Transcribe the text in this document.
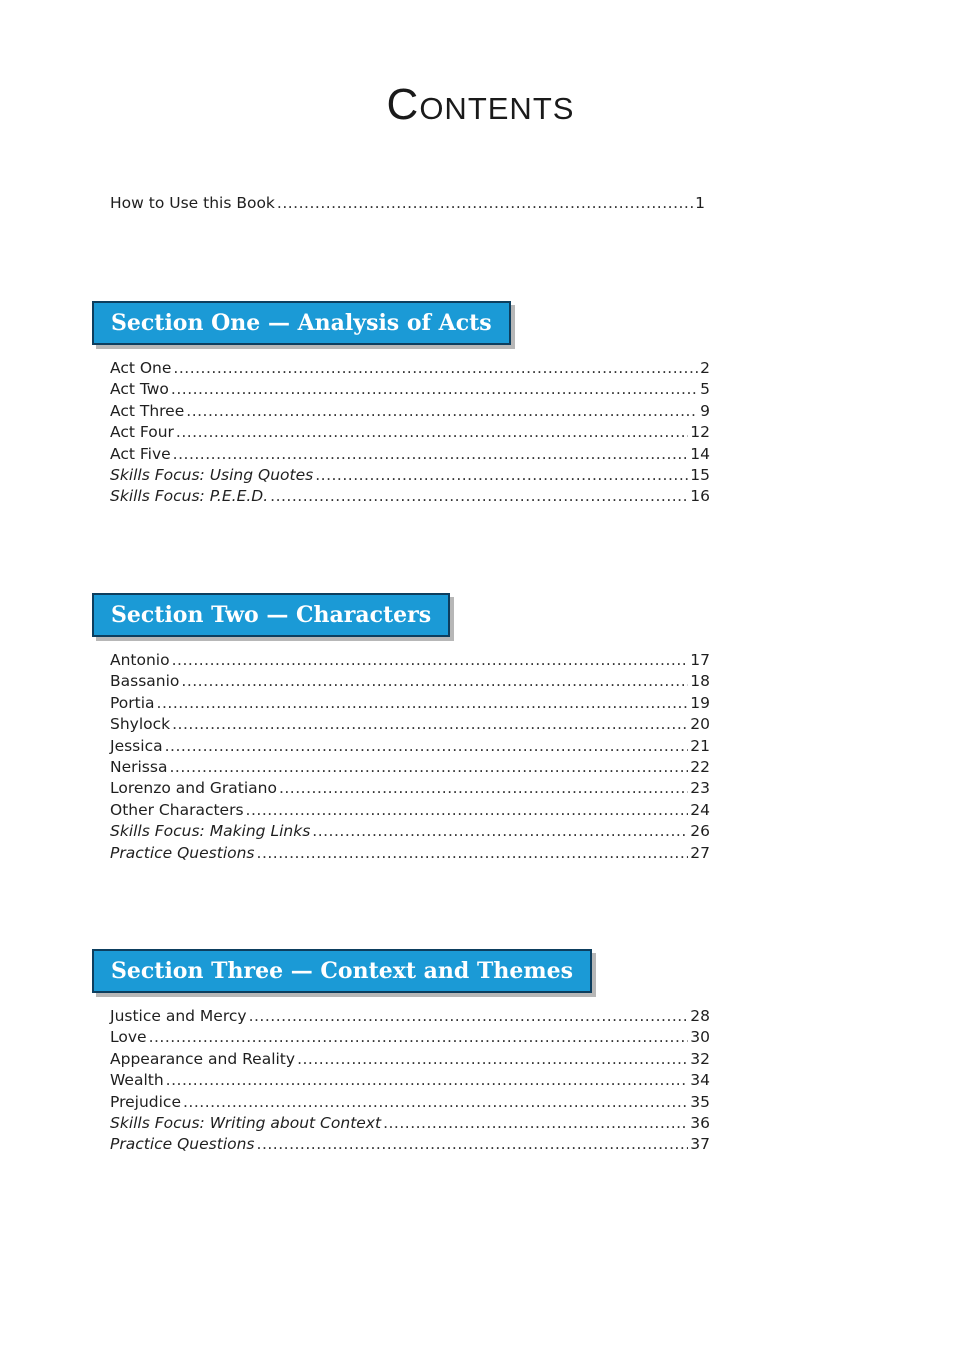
Contents
How to Use this Book .....	1
Section One — Analysis of Acts
Act One .....	2
Act Two .....	5
Act Three .....	9
Act Four .....	12
Act Five .....	14
Skills Focus: Using Quotes .....	15
Skills Focus: P.E.E.D. .....	16
Section Two — Characters
Antonio .....	17
Bassanio .....	18
Portia .....	19
Shylock .....	20
Jessica .....	21
Nerissa .....	22
Lorenzo and Gratiano .....	23
Other Characters .....	24
Skills Focus: Making Links .....	26
Practice Questions .....	27
Section Three — Context and Themes
Justice and Mercy .....	28
Love .....	30
Appearance and Reality .....	32
Wealth .....	34
Prejudice .....	35
Skills Focus: Writing about Context .....	36
Practice Questions .....	37
